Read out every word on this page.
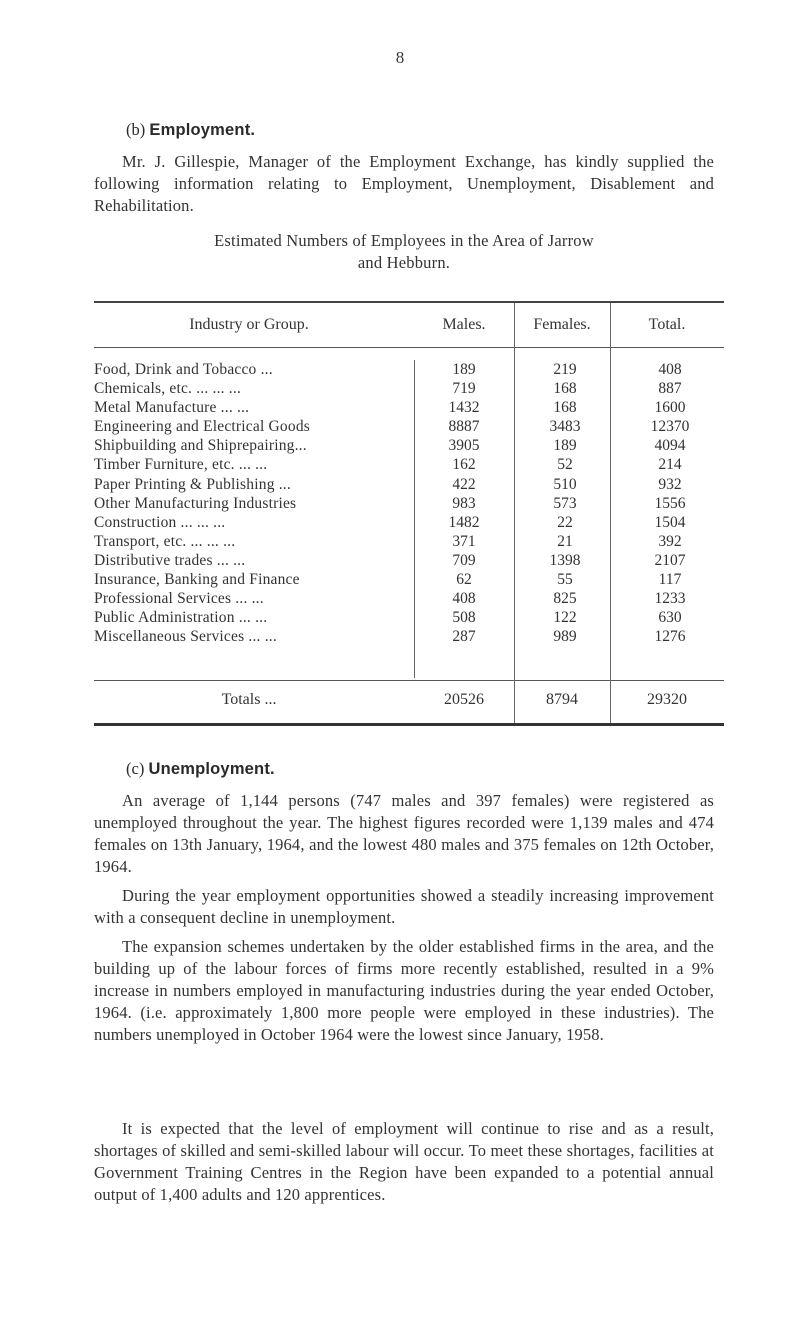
8
(b) Employment.
Mr. J. Gillespie, Manager of the Employment Exchange, has kindly supplied the following information relating to Employment, Unemployment, Disablement and Rehabilitation.
Estimated Numbers of Employees in the Area of Jarrow
and Hebburn.
Industry or Group.	Males.	Females.	Total.
Food, Drink and Tobacco ...	189	219	408
Chemicals, etc. ... ... ...	719	168	887
Metal Manufacture ... ...	1432	168	1600
Engineering and Electrical Goods	8887	3483	12370
Shipbuilding and Shiprepairing...	3905	189	4094
Timber Furniture, etc. ... ...	162	52	214
Paper Printing & Publishing ...	422	510	932
Other Manufacturing Industries	983	573	1556
Construction ... ... ...	1482	22	1504
Transport, etc. ... ... ...	371	21	392
Distributive trades ... ...	709	1398	2107
Insurance, Banking and Finance	62	55	117
Professional Services ... ...	408	825	1233
Public Administration ... ...	508	122	630
Miscellaneous Services ... ...	287	989	1276
Totals ...	20526	8794	29320
(c) Unemployment.
An average of 1,144 persons (747 males and 397 females) were registered as unemployed throughout the year. The highest figures recorded were 1,139 males and 474 females on 13th January, 1964, and the lowest 480 males and 375 females on 12th October, 1964.
During the year employment opportunities showed a steadily increasing improvement with a consequent decline in unemployment.
The expansion schemes undertaken by the older established firms in the area, and the building up of the labour forces of firms more recently established, resulted in a 9% increase in numbers employed in manufacturing industries during the year ended October, 1964. (i.e. approximately 1,800 more people were employed in these industries). The numbers unemployed in October 1964 were the lowest since January, 1958.
It is expected that the level of employment will continue to rise and as a result, shortages of skilled and semi-skilled labour will occur. To meet these shortages, facilities at Government Training Centres in the Region have been expanded to a potential annual output of 1,400 adults and 120 apprentices.
